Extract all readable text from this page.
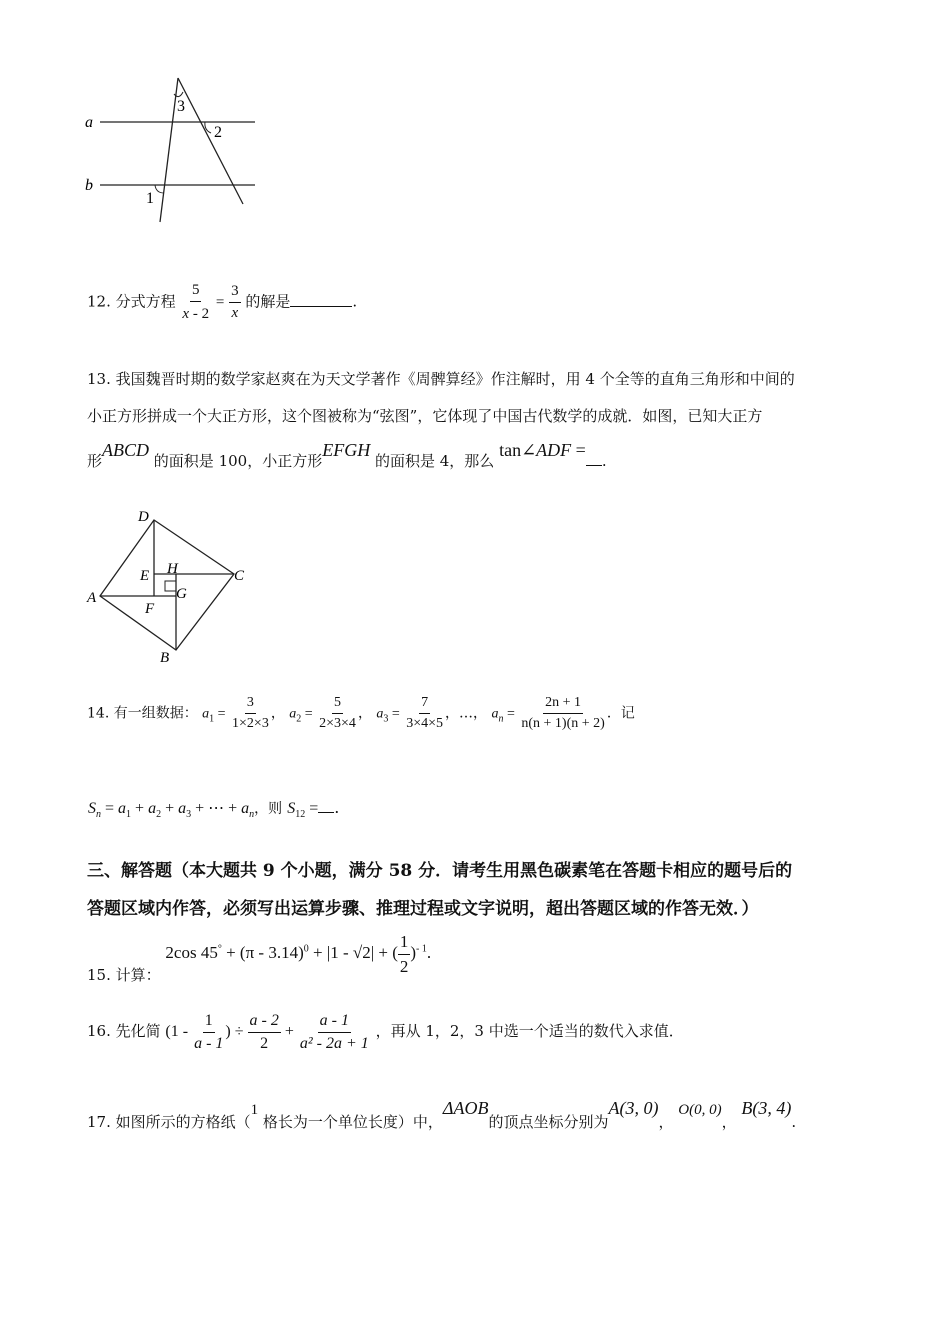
a
b
3
2
1
12. 分式方程 $\frac{5}{x - 2} = \frac{3}{x}$ 的解是	.
13. 我国魏晋时期的数学家赵爽在为天文学著作《周髀算经》作注解时，用 4 个全等的直角三角形和中间的
小正方形拼成一个大正方形，这个图被称为“弦图”，它体现了中国古代数学的成就．如图，已知大正方
形ABCD 的面积是 100，小正方形EFGH 的面积是 4，那么 tan∠ADF =.
D
C
A
B
E H
G
F
14. 有一组数据： $a_1 = \frac{3}{1\times 2\times 3}$ ， $a_2 = \frac{5}{2\times 3\times 4}$ ， $a_3 = \frac{7}{3\times 4\times 5}$ ，…， $a_n = \frac{2n + 1}{n(n + 1)(n + 2)}$ ．记
$S_n = a_1 + a_2 + a_3$ + ⋯ + $a_n$，则 $S_{12}$ = .
三、解答题（本大题共 9 个小题，满分 58 分．请考生用黑色碳素笔在答题卡相应的题号后的
答题区域内作答，必须写出运算步骤、推理过程或文字说明，超出答题区域的作答无效．）
15. 计算： 2cos 45° + (π - 3.14)$^0$ + |1 - √2| + ( $\frac{1}{2} )^{- 1}$.
16. 先化简 ($1 - \frac{1}{a - 1}$ ) ÷ $\frac{a - 2}{2} + \frac{a - 1}{\text{a² - 2a + 1}}$ ，再从 1，2，3 中选一个适当的数代入求值．
17. 如图所示的方格纸（1 格长为一个单位长度）中，ΔAOB的顶点坐标分别为A(3, 0)， O(0, 0)， B(3, 4).
